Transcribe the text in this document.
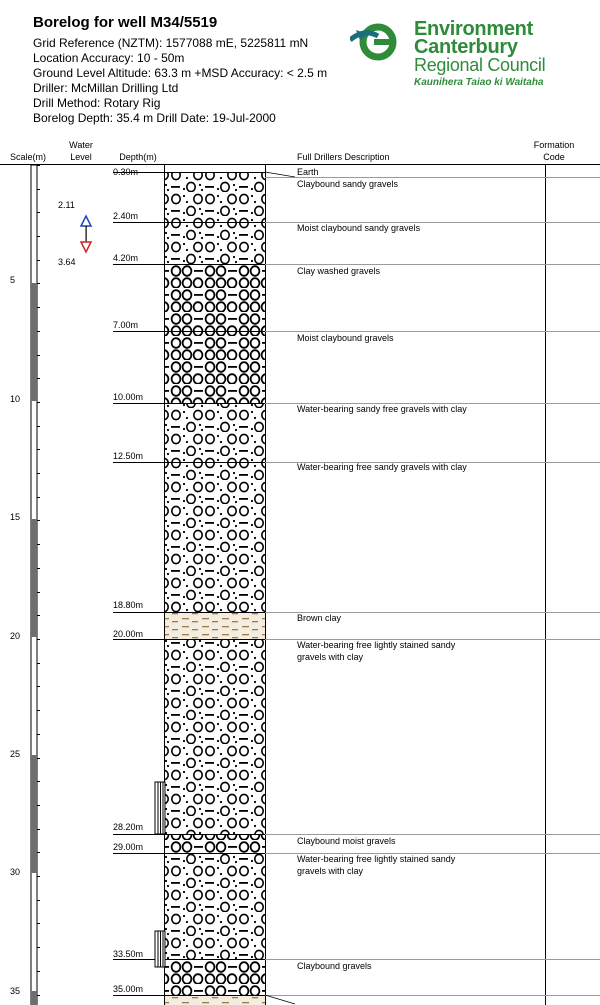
Borelog for well M34/5519
Grid Reference (NZTM): 1577088 mE, 5225811 mN
Location Accuracy: 10 - 50m
Ground Level Altitude: 63.3 m +MSD Accuracy: < 2.5 m
Driller: McMillan Drilling Ltd
Drill Method: Rotary Rig
Borelog Depth: 35.4 m Drill Date: 19-Jul-2000
Environment
Canterbury
Regional Council
Kaunihera Taiao ki Waitaha
Scale(m)
Water
Level	Depth(m)	Full Drillers Description
Formation
Code
5
10
15
20
25
30
35
2.11
3.64
0.30m
2.40m
4.20m
7.00m
10.00m
12.50m
18.80m
20.00m
28.20m
29.00m
33.50m
35.00m
Earth
Claybound sandy gravels
Moist claybound sandy gravels
Clay washed gravels
Moist claybound gravels
Water-bearing sandy free gravels with clay
Water-bearing free sandy gravels with clay
Brown clay
Water-bearing free lightly stained sandy gravels with clay
Claybound moist gravels
Water-bearing free lightly stained sandy gravels with clay
Claybound gravels
